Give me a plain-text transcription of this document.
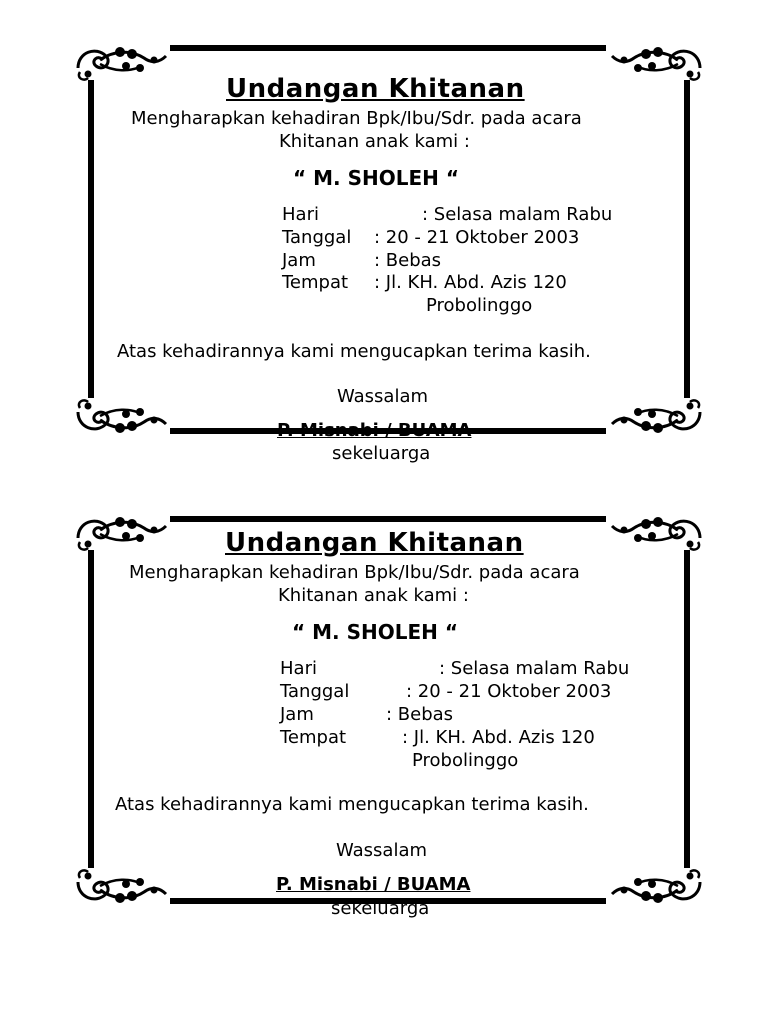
Undangan Khitanan
Mengharapkan kehadiran Bpk/Ibu/Sdr. pada acara
Khitanan anak kami :
“ M. SHOLEH “
Hari	: Selasa malam Rabu
Tanggal : 20 - 21 Oktober 2003
Jam	: Bebas
Tempat : Jl. KH. Abd. Azis 120
Probolinggo
Atas kehadirannya kami mengucapkan terima kasih.
Wassalam
P. Misnabi / BUAMA
sekeluarga
Undangan Khitanan
Mengharapkan kehadiran Bpk/Ibu/Sdr. pada acara
Khitanan anak kami :
“ M. SHOLEH “
Hari	: Selasa malam Rabu
Tanggal	: 20 - 21 Oktober 2003
Jam	: Bebas
Tempat	: Jl. KH. Abd. Azis 120
Probolinggo
Atas kehadirannya kami mengucapkan terima kasih.
Wassalam
P. Misnabi / BUAMA
sekeluarga
